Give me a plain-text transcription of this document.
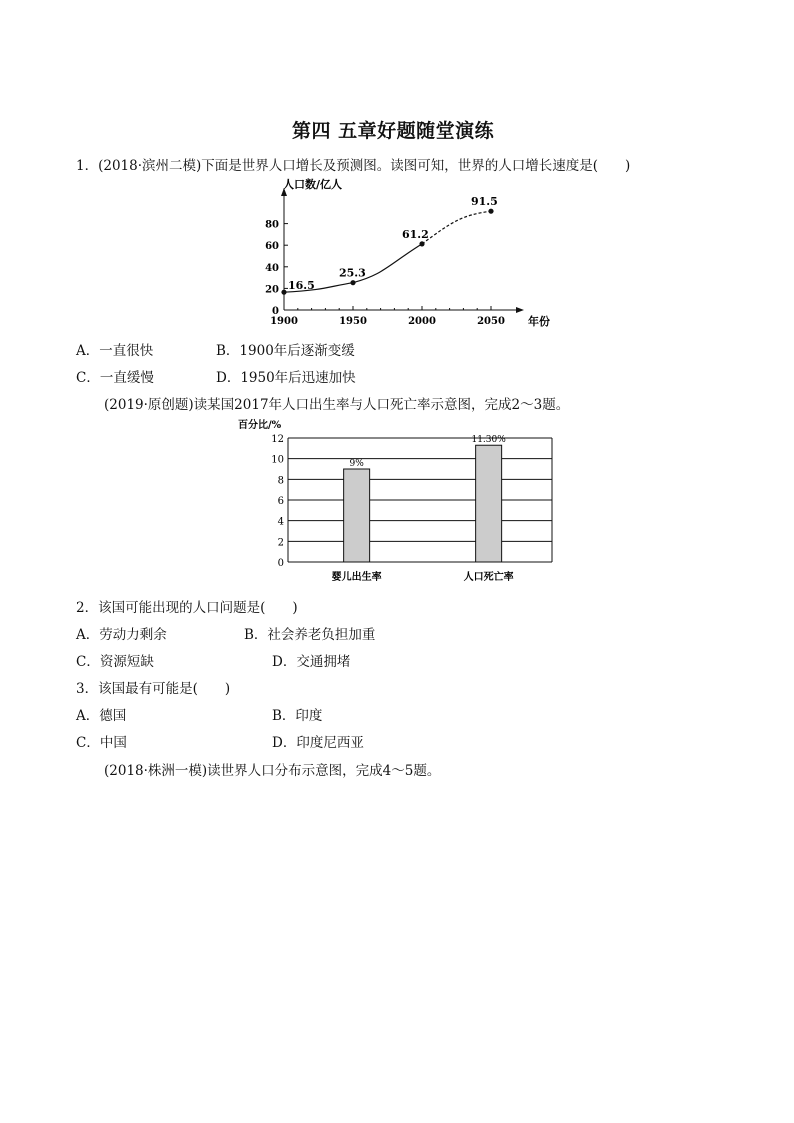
第四 五章好题随堂演练
1．(2018·滨州二模)下面是世界人口增长及预测图。读图可知，世界的人口增长速度是(　　)
人口数/亿人
年份
1900	1950	2000	2050
0
20
40
60
80
16.5
25.3
61.2
91.5
A．一直很快	B．1900年后逐渐变缓
C．一直缓慢	D．1950年后迅速加快
(2019·原创题)读某国2017年人口出生率与人口死亡率示意图，完成2～3题。
百分比/%
0
2
4
6
8
10
12
9%
婴儿出生率
11.30%
人口死亡率
2．该国可能出现的人口问题是(　　)
A．劳动力剩余	B．社会养老负担加重
C．资源短缺	D．交通拥堵
3．该国最有可能是(　　)
A．德国	B．印度
C．中国	D．印度尼西亚
(2018·株洲一模)读世界人口分布示意图，完成4～5题。
